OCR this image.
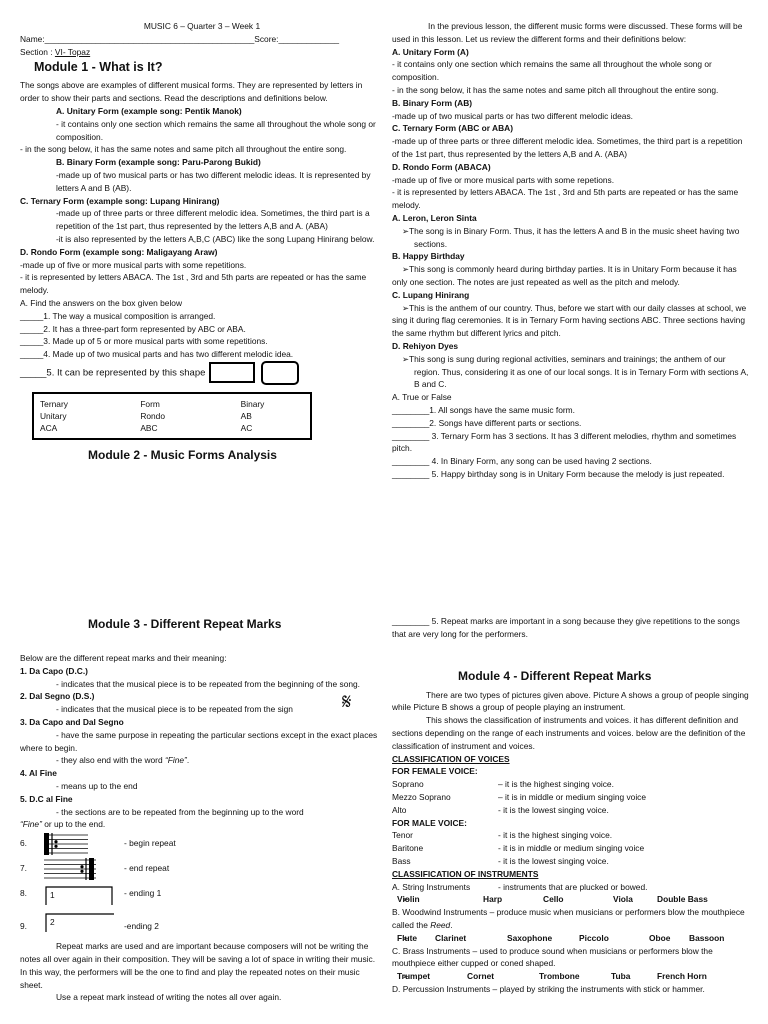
MUSIC 6 – Quarter 3 – Week 1

Name:_____________________________________________Score:_____________

Section : VI- Topaz

Module 1 - What is It?

The songs above are examples of different musical forms. They are represented by letters in order to show their parts and sections. Read the descriptions and definitions below.

A. Unitary Form (example song: Pentik Manok)

- it contains only one section which remains the same all throughout the whole song or composition.

- in the song below, it has the same notes and same pitch all throughout the entire song.

B. Binary Form (example song: Paru-Parong Bukid)

-made up of two musical parts or has two different melodic ideas. It is represented by letters A and B (AB).

C. Ternary Form (example song: Lupang Hinirang)

-made up of three parts or three different melodic idea. Sometimes, the third part is a repetition of the 1st part, thus represented by the letters A,B and A. (ABA)

-it is also represented by the letters A,B,C (ABC) like the song Lupang Hinirang below.

D. Rondo Form (example song: Maligayang Araw)

-made up of five or more musical parts with some repetitions.

- it is represented by letters ABACA. The 1st , 3rd and 5th parts are repeated or has the same melody.

A. Find the answers on the box given below

_____1. The way a musical composition is arranged.

_____2. It has a three-part form represented by ABC or ABA.

_____3. Made up of 5 or more musical parts with some repetitions.

_____4. Made up of two musical parts and has two different melodic idea.

_____5. It can be represented by this shape

Ternary	Form	Binary
Unitary	Rondo	AB
ACA	ABC	AC

Module 2 - Music Forms Analysis

In the previous lesson, the different music forms were discussed. These forms will be used in this lesson. Let us review the different forms and their definitions below:

A. Unitary Form (A)

- it contains only one section which remains the same all throughout the whole song or composition.

- in the song below, it has the same notes and same pitch all throughout the entire song.

B. Binary Form (AB)

-made up of two musical parts or has two different melodic ideas.

C. Ternary Form (ABC or ABA)

-made up of three parts or three different melodic idea. Sometimes, the third part is a repetition of the 1st part, thus represented by the letters A,B and A. (ABA)

D. Rondo Form (ABACA)

-made up of five or more musical parts with some repetions.

- it is represented by letters ABACA. The 1st , 3rd and 5th parts are repeated or has the same melody.

A. Leron, Leron Sinta

➢ The song is in Binary Form. Thus, it has the letters A and B in the music sheet having two sections.

B. Happy Birthday

➢ This song is commonly heard during birthday parties. It is in Unitary Form because it has only one section. The notes are just repeated as well as the pitch and melody.

C. Lupang Hinirang

➢ This is the anthem of our country. Thus, before we start with our daily classes at school, we sing it during flag ceremonies. It is in Ternary Form having sections ABC. Three sections having the same rhythm but different lyrics and pitch.

D. Rehiyon Dyes

➢ This song is sung during regional activities, seminars and trainings; the anthem of our region. Thus, considering it as one of our local songs. It is in Ternary Form with sections A, B and C.

A. True or False

________1. All songs have the same music form.

________2. Songs have different parts or sections.

________ 3. Ternary Form has 3 sections. It has 3 different melodies, rhythm and sometimes pitch.

________ 4. In Binary Form, any song can be used having 2 sections.

________ 5. Happy birthday song is in Unitary Form because the melody is just repeated.

Module 3 - Different Repeat Marks

Below are the different repeat marks and their meaning:

1. Da Capo (D.C.)

- indicates that the musical piece is to be repeated from the beginning of the song.

2. Dal Segno (D.S.)

- indicates that the musical piece is to be repeated from the sign 𝄋

3. Da Capo and Dal Segno

- have the same purpose in repeating the particular sections except in the exact places where to begin.

- they also end with the word “Fine”.

4. Al Fine

- means up to the end

5. D.C al Fine

- the sections are to be repeated from the beginning up to the word

“Fine” or up to the end.

6.	- begin repeat
7.	- end repeat
8.	1	- ending 1
9.	2	-ending 2

Repeat marks are used and are important because composers will not be writing the notes all over again in their composition. They will be saving a lot of space in writing their music. In this way, the performers will be the one to find and play the repeated notes on their music sheet.

Use a repeat mark instead of writing the notes all over again.

________ 5. Repeat marks are important in a song because they give repetitions to the songs that are very long for the performers.

Module 4 - Different Repeat Marks

There are two types of pictures given above. Picture A shows a group of people singing while Picture B shows a group of people playing an instrument.

This shows the classification of instruments and voices. it has different definition and sections depending on the range of each instruments and voices. below are the definition of the classification of instrument and voices.

CLASSIFICATION OF VOICES

FOR FEMALE VOICE:

Soprano	– it is the highest singing voice.

Mezzo Soprano	– it is in middle or medium singing voice

Alto	- it is the lowest singing voice.

FOR MALE VOICE:

Tenor	- it is the highest singing voice.

Baritone	- it is in middle or medium singing voice

Bass	- it is the lowest singing voice.

CLASSIFICATION OF INSTRUMENTS

A. String Instruments	- instruments that are plucked or bowed.

➢ Violin	Harp	Cello	Viola	Double Bass

B. Woodwind Instruments – produce music when musicians or performers blow the mouthpiece called the Reed.

➢ Flute Clarinet	Saxophone	Piccolo	Oboe Bassoon

C. Brass Instruments – used to produce sound when musicians or performers blow the mouthpiece either cupped or coned shaped.

➢ Trumpet	Cornet	Trombone	Tuba	French Horn

D. Percussion Instruments – played by striking the instruments with stick or hammer.
